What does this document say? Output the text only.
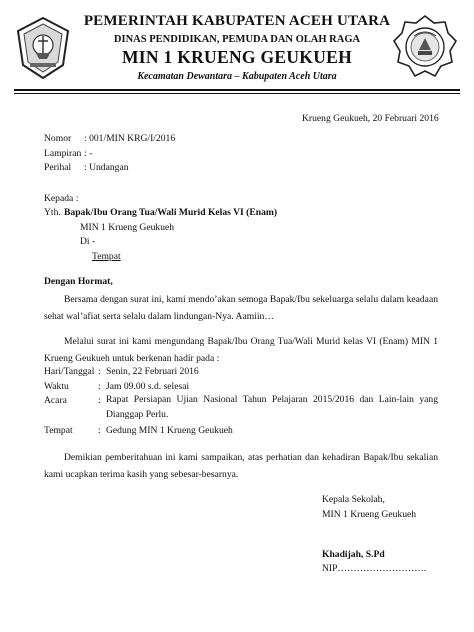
PEMERINTAH KABUPATEN ACEH UTARA
DINAS PENDIDIKAN, PEMUDA DAN OLAH RAGA
MIN 1 KRUENG GEUKUEH
Kecamatan Dewantara – Kabupaten Aceh Utara
Krueng Geukueh, 20 Februari 2016
Nomor : 001/MIN KRG/I/2016
Lampiran : -
Perihal : Undangan
Kepada :
Yth. Bapak/Ibu Orang Tua/Wali Murid Kelas VI (Enam)
MIN 1 Krueng Geukueh
Di -
Tempat
Dengan Hormat,
Bersama dengan surat ini, kami mendo’akan semoga Bapak/Ibu sekeluarga selalu dalam keadaan sehat wal’afiat serta selalu dalam lindungan-Nya. Aamiin…
Melalui surat ini kami mengundang Bapak/Ibu Orang Tua/Wali Murid kelas VI (Enam) MIN 1 Krueng Geukueh untuk berkenan hadir pada :
Hari/Tanggal : Senin, 22 Februari 2016
Waktu	: Jam 09.00 s.d. selesai
Acara	: Rapat Persiapan Ujian Nasional Tahun Pelajaran 2015/2016 dan Lain-lain yang Dianggap Perlu.
Tempat	: Gedung MIN 1 Krueng Geukueh
Demikian pemberitahuan ini kami sampaikan, atas perhatian dan kehadiran Bapak/Ibu sekalian kami ucapkan terima kasih yang sebesar-besarnya.
Kepala Sekolah,
MIN 1 Krueng Geukueh
Khadijah, S.Pd
NIP……………………….
